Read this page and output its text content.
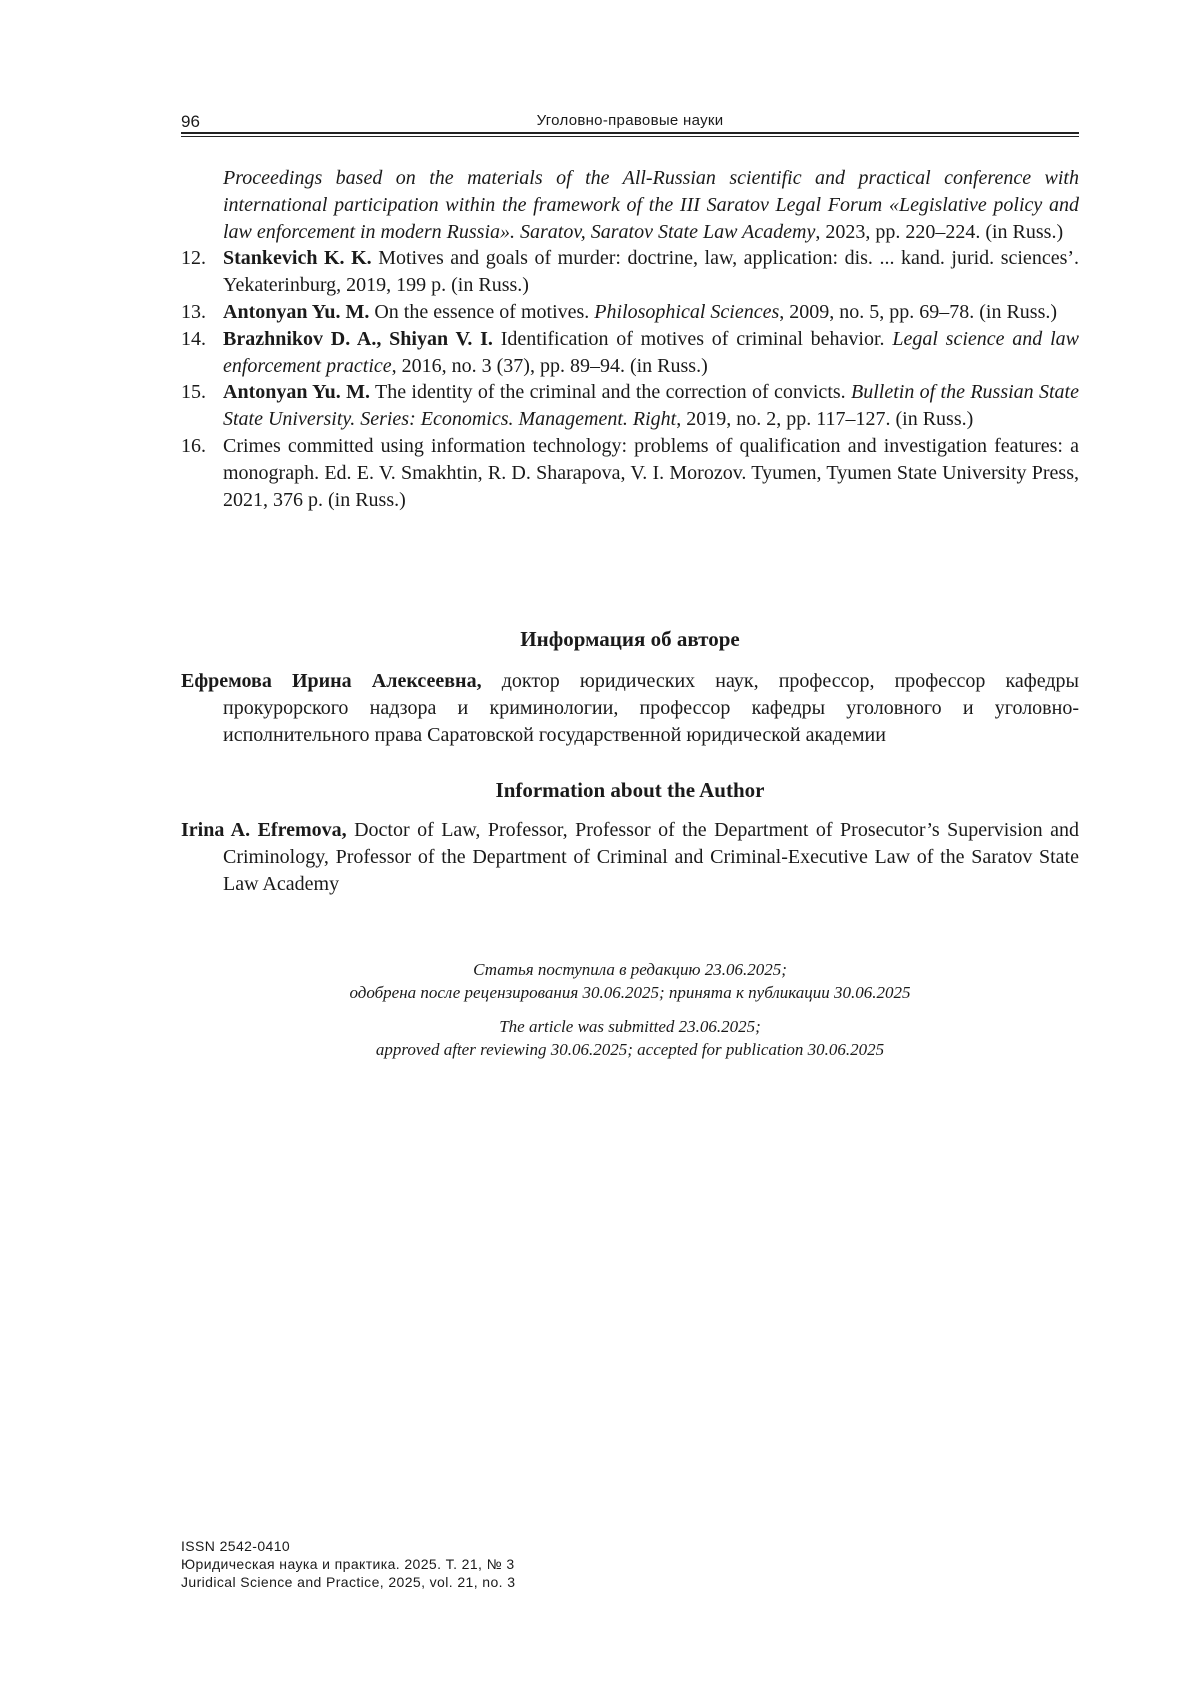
96	Уголовно-правовые науки

Proceedings based on the materials of the All-Russian scientific and practical conference with international participation within the framework of the III Saratov Legal Forum «Legislative policy and law enforcement in modern Russia». Saratov, Saratov State Law Academy, 2023, pp. 220–224. (in Russ.)

12. Stankevich K. K. Motives and goals of murder: doctrine, law, application: dis. ... kand. jurid. sciences’. Yekaterinburg, 2019, 199 p. (in Russ.)
13. Antonyan Yu. M. On the essence of motives. Philosophical Sciences, 2009, no. 5, pp. 69–78. (in Russ.)
14. Brazhnikov D. A., Shiyan V. I. Identification of motives of criminal behavior. Legal science and law enforcement practice, 2016, no. 3 (37), pp. 89–94. (in Russ.)
15. Antonyan Yu. M. The identity of the criminal and the correction of convicts. Bulletin of the Russian State State University. Series: Economics. Management. Right, 2019, no. 2, pp. 117–127. (in Russ.)
16. Crimes committed using information technology: problems of qualification and investigation features: a monograph. Ed. E. V. Smakhtin, R. D. Sharapova, V. I. Morozov. Tyumen, Tyumen State University Press, 2021, 376 p. (in Russ.)
Информация об авторе

Ефремова Ирина Алексеевна, доктор юридических наук, профессор, профессор кафедры прокурорского надзора и криминологии, профессор кафедры уголовного и уголовно-исполнительного права Саратовской государственной юридической академии

Information about the Author

Irina A. Efremova, Doctor of Law, Professor, Professor of the Department of Prosecutor’s Supervision and Criminology, Professor of the Department of Criminal and Criminal-Executive Law of the Saratov State Law Academy

Статья поступила в редакцию 23.06.2025;
одобрена после рецензирования 30.06.2025; принята к публикации 30.06.2025
The article was submitted 23.06.2025;
approved after reviewing 30.06.2025; accepted for publication 30.06.2025
ISSN 2542-0410
Юридическая наука и практика. 2025. Т. 21, № 3
Juridical Science and Practice, 2025, vol. 21, no. 3
